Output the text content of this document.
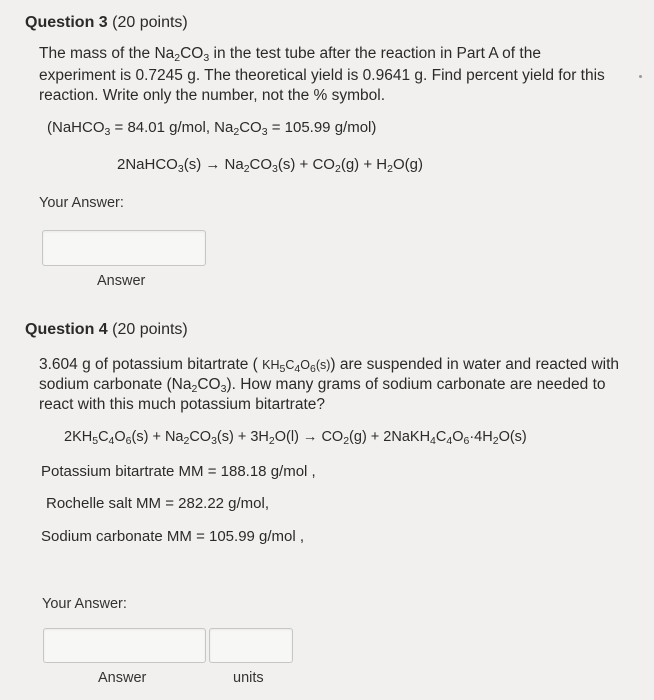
Question 3 (20 points)
The mass of the $Na_2CO_3$ in the test tube after the reaction in Part A of the
experiment is 0.7245 g. The theoretical yield is 0.9641 g. Find percent yield for this
reaction. Write only the number, not the % symbol.
(NaHCO$_3$ = 84.01 g/mol, $Na_2CO_3 = 105.99$ g/mol)
2NaHCO$_3$(s) → $Na_2CO_3(s) + CO_2(g) + H_2O(g)$
Your Answer:
Answer
Question 4 (20 points)
3.604 g of potassium bitartrate ( $KH_5C_4O_6(s)$) are suspended in water and reacted with
sodium carbonate $(Na_2CO_3)$. How many grams of sodium carbonate are needed to
react with this much potassium bitartrate?
$2KH_5C_4O_6(s) + Na_2CO_3(s) + 3H_2O(l) \to CO_2(g)$ + $2NaKH_4C_4O_6\cdot 4H_2O(s)$
Potassium bitartrate MM = 188.18 g/mol ,
Rochelle salt MM = 282.22 g/mol,
Sodium carbonate MM = 105.99 g/mol ,
Your Answer:
Answer	units
